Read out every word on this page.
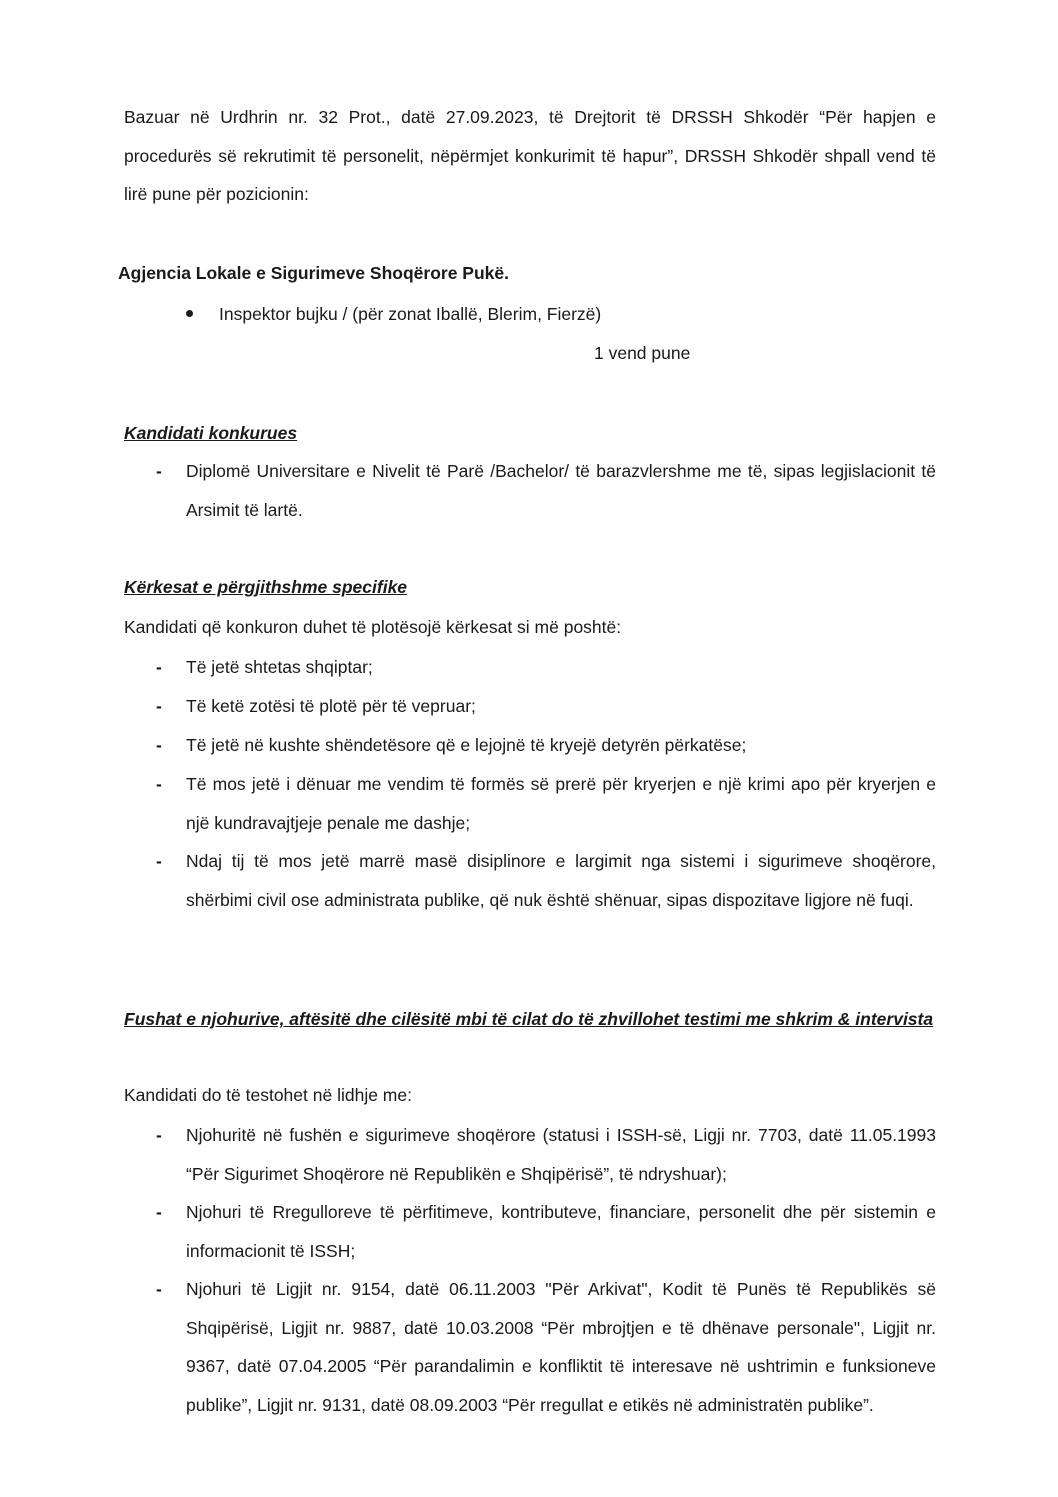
Bazuar në Urdhrin nr. 32 Prot., datë 27.09.2023, të Drejtorit të DRSSH Shkodër “Për hapjen e procedurës së rekrutimit të personelit, nëpërmjet konkurimit të hapur”, DRSSH Shkodër shpall vend të lirë pune për pozicionin:
Agjencia Lokale e Sigurimeve Shoqërore Pukë.
Inspektor bujku / (për zonat Iballë, Blerim, Fierzë)
1 vend pune
Kandidati konkurues
- Diplomë Universitare e Nivelit të Parë /Bachelor/ të barazvlershme me të, sipas legjislacionit të Arsimit të lartë.
Kërkesat e përgjithshme specifike
Kandidati që konkuron duhet të plotësojë kërkesat si më poshtë:
- Të jetë shtetas shqiptar;
- Të ketë zotësi të plotë për të vepruar;
- Të jetë në kushte shëndetësore që e lejojnë të kryejë detyrën përkatëse;
- Të mos jetë i dënuar me vendim të formës së prerë për kryerjen e një krimi apo për kryerjen e një kundravajtjeje penale me dashje;
- Ndaj tij të mos jetë marrë masë disiplinore e largimit nga sistemi i sigurimeve shoqërore, shërbimi civil ose administrata publike, që nuk është shënuar, sipas dispozitave ligjore në fuqi.
Fushat e njohurive, aftësitë dhe cilësitë mbi të cilat do të zhvillohet testimi me shkrim & intervista
Kandidati do të testohet në lidhje me:
- Njohuritë në fushën e sigurimeve shoqërore (statusi i ISSH-së, Ligji nr. 7703, datë 11.05.1993 “Për Sigurimet Shoqërore në Republikën e Shqipërisë”, të ndryshuar);
- Njohuri të Rregulloreve të përfitimeve, kontributeve, financiare, personelit dhe për sistemin e informacionit të ISSH;
- Njohuri të Ligjit nr. 9154, datë 06.11.2003 "Për Arkivat", Kodit të Punës të Republikës së Shqipërisë, Ligjit nr. 9887, datë 10.03.2008 “Për mbrojtjen e të dhënave personale", Ligjit nr. 9367, datë 07.04.2005 “Për parandalimin e konfliktit të interesave në ushtrimin e funksioneve publike”, Ligjit nr. 9131, datë 08.09.2003 “Për rregullat e etikës në administratën publike”.
